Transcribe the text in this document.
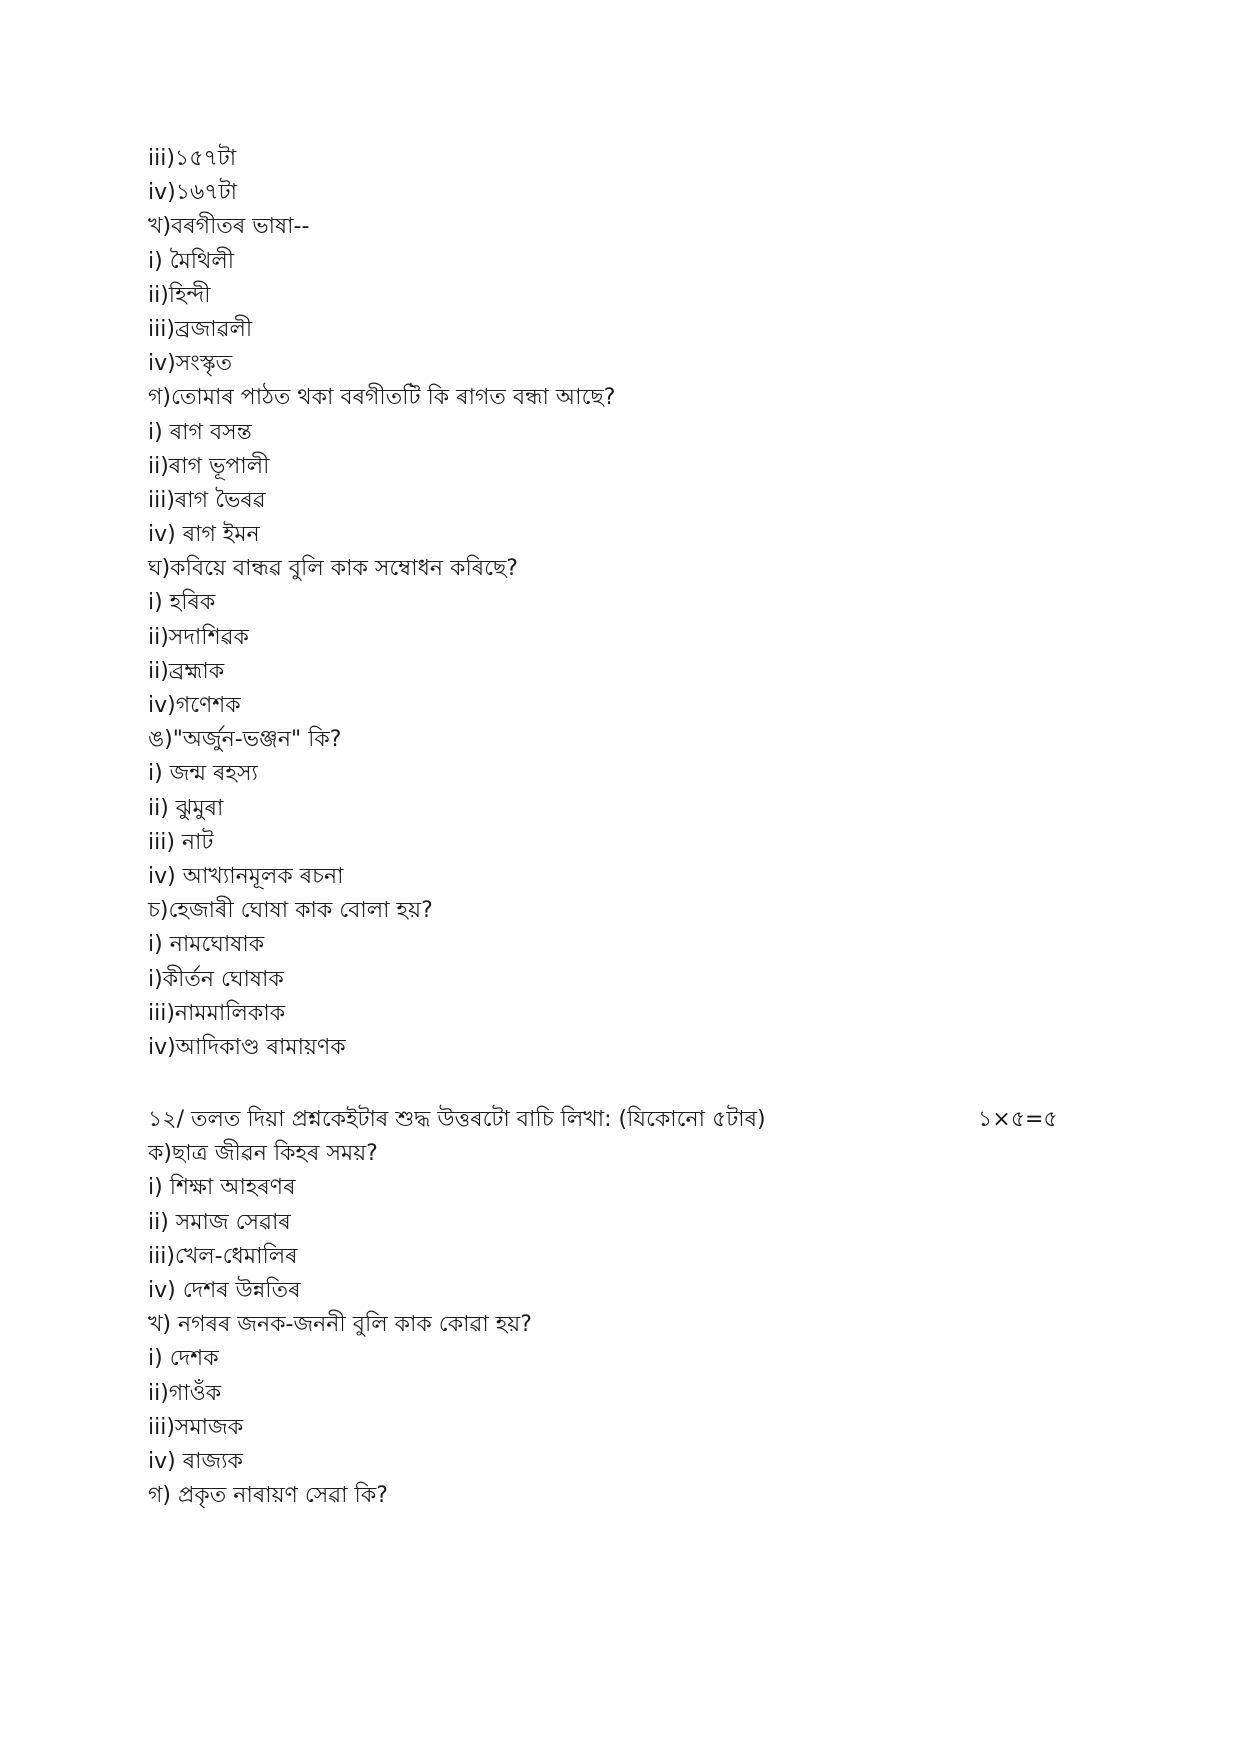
iii)১৫৭টা
iv)১৬৭টা
খ)বৰগীতৰ ভাষা--
i) মৈথিলী
ii)হিন্দী
iii)ব্ৰজাৱলী
iv)সংস্কৃত
গ)তোমাৰ পাঠত থকা বৰগীতটি কি ৰাগত বন্ধা আছে?
i) ৰাগ বসন্ত
ii)ৰাগ ভূপালী
iii)ৰাগ ভৈৰৱ
iv) ৰাগ ইমন
ঘ)কবিয়ে বান্ধৱ বুলি কাক সম্বোধন কৰিছে?
i) হৰিক
ii)সদাশিৱক
ii)ব্ৰহ্মাক
iv)গণেশক
ঙ)"অৰ্জুন-ভঞ্জন" কি?
i) জন্ম ৰহস্য
ii) ঝুমুৰা
iii) নাট
iv) আখ্যানমূলক ৰচনা
চ)হেজাৰী ঘোষা কাক বোলা হয়?
i) নামঘোষাক
i)কীৰ্তন ঘোষাক
iii)নামমালিকাক
iv)আদিকাণ্ড ৰামায়ণক
১২/ তলত দিয়া প্ৰশ্নকেইটাৰ শুদ্ধ উত্তৰটো বাচি লিখা: (যিকোনো ৫টাৰ)	১×৫=৫
ক)ছাত্ৰ জীৱন কিহৰ সময়?
i) শিক্ষা আহৰণৰ
ii) সমাজ সেৱাৰ
iii)খেল-ধেমালিৰ
iv) দেশৰ উন্নতিৰ
খ) নগৰৰ জনক-জননী বুলি কাক কোৱা হয়?
i) দেশক
ii)গাওঁক
iii)সমাজক
iv) ৰাজ্যক
গ) প্ৰকৃত নাৰায়ণ সেৱা কি?
